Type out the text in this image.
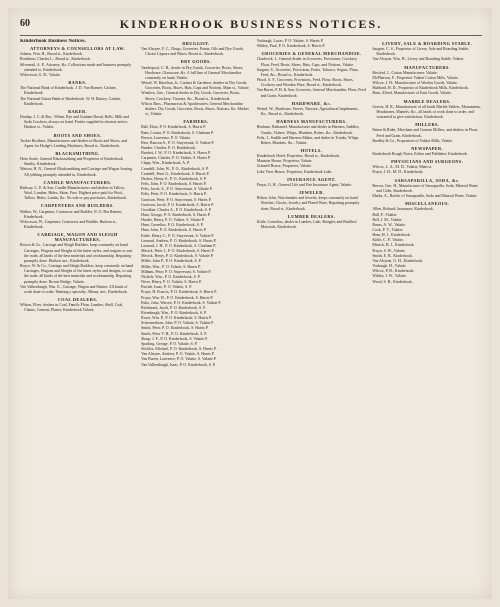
60	KINDERHOOK BUSINESS NOTICES.
Kinderhook Business Notices.
ATTORNEYS & COUNSELLORS AT LAW.
Adams, Wm. H., Broad st., Kinderhook.
Bradshaw, Charles L., Broad st., Kinderhook.
Silvernail, A. P., Attorney, &c. Collections made and business promptly attended to, Kinderhook.
Wilcoxson, G. B., Valatie.
BANKS.
The National Bank of Kinderhook. J. D. Van Bramer, Cashier, Kinderhook.
The National Union Bank of Kinderhook. W. H. Rainey, Cashier, Kinderhook.
BAKER.
Dunlap, J. C. & Bro., Wheat, Rye and Graham Bread, Rolls, Milk and Soda Crackers, always on hand. Parties supplied in shortest notice, Hudson st., Valatie.
BOOTS AND SHOES.
Tucker Brothers, Manufacturers and dealers in Boots and Shoes, and Agent for Hodge's Leading Machines, Broad st., Kinderhook.
BLACKSMITHING.
Hoes Soule, General Blacksmithing and Proprietor of Kinderhook Smithy, Kinderhook.
Watson, H. N., General Blacksmithing and Carriage and Wagon Ironing. All jobbing promptly attended to, Kinderhook.
CANDLE MANUFACTURERS.
Radway, C. E. & Son, Candle Manufacturers and dealers in Tallow, Wool, Lumber, Hides, Skins, Furs. Highest price paid for Wool, Tallow, Hides, Lambs, &c. No sale or pay purchases, Kinderhook.
CARPENTERS AND BUILDERS.
Walker, W., Carpenter, Contractor and Builder, N. O. Bar Reimer, Kinderhook.
Wilcoxson, W., Carpenter, Contractor and Builder, Hudson st., Kinderhook.
CARRIAGE, WAGON AND SLEIGH MANUFACTURERS.
Brown & Co., Carriage and Sleigh Builders, keep constantly on hand Carriages, Wagons and Sleighs of the latest styles, and wagons to suit the trade, all kinds of the best materials and workmanship. Repairing promptly done. Hudson ave., Kinderhook.
Boyce, W. & Co., Carriage and Sleigh Builders, keep constantly on hand Carriages, Wagons and Sleighs of the latest styles and designs, to suit the trade, all kinds of the best materials and workmanship. Repairing promptly done. Brown Bridge, Valatie.
Van Valkenburgh, Wm. E., Carriage, Wagon and Painter. All kinds of work done to order. Painting a specialty. Albany ave., Kinderhook.
COAL DEALERS.
Wilson, Elver, dealers in Coal, Family Flour, Lumber, Shell, Coal, Chains, Cement, Plaster, Kinderhook Valatie.
DRUGGIST.
Van Alstyne, F. C., Drugs, Groceries, Paints, Oils and Dye Goods, Choice Liquors and Wines, Broad st., Kinderhook.
DRY GOODS.
Vanderpool, C. H., dealer in Dry Goods, Groceries, Boots, Shoes, Hardware, Glassware, &c. A full line of General Merchandise constantly on hand, Valatie.
Wetsel, W. Hazelton, Jr., Carhart & Gardener, dealers in Dry Goods, Groceries, Boots, Shoes, Hats, Caps and Notions, Main st., Valatie.
Winslow, Geo., General dealer in Dry Goods, Groceries, Boots, Shoes, Crockery, Tinware, &c., Broad st., Kinderhook.
Wilcox Bros., Pharmacists & Apothecaries, General Merchandise dealers. Dry Goods, Groceries, Boots, Shoes, Notions, &c. Market st., Valatie.
FARMERS.
Ball, Eliza, P. O. Kinderhook, S. Harris P.
Bain, Louisa, P. O. Kinderhook, S. Chatham P.
Brown, Lawrence, P. O. Valatie.
Best, Ranson A., P. O. Stuyvesant, S. Valatie P.
Bunker, Charles, P. O. Kinderhook.
Burdett, J. W., P. O. Kinderhook, S. Harris P.
Carpenter, Charles, P. O. Valatie, S. Harris P.
Clapp, Wm., Kinderhook, A. P.
Crandell, John, W., P. O., Kinderhook, S. P.
Crandell, Peter G., Kinderhook, S. Harris P.
Decker, Henry S., P. O., Kinderhook, S. P.
Felts, John, P. O. Kinderhook, S. Harris P.
Felts, Jacob, S., P. O. Stuyvesant, S. Valatie P.
Felts, Peter, P. O. Kinderhook, S. Harris P.
Garrison, Peter, P. O. Stuyvesant, S. Harris P.
Garrison, Jacob, P. O. Kinderhook, S. Harris P.
Goodhue, Charles A., P. O. Kinderhook, S. P.
Ham, George, P. O. Kinderhook, S. Harris P.
Harder, Henry, P. O. Valatie, S. Valatie P.
Ham, Cornelius, P. O. Kinderhook, S. P.
Ham, John, P. O. Kinderhook, S. Harris P.
Kittle, Henry C., P. O. Stuyvesant, S. Valatie P.
Leonard, Andrew, P. O. Kinderhook, S. Harris P.
Leonard, J. H., P. O. Kinderhook, S. Chatham P.
Mesick, Peter J., P. O. Kinderhook, S. Harris P.
Mesick, Henry, P. O. Kinderhook, S. Valatie P.
Miller, John P., P. O. Kinderhook, S. P.
Miller, Wm., P. O. Valatie, S. Harris P.
Milham, Peter, P. O. Stuyvesant, S. Valatie P.
Nichols, Wm., P. O. Kinderhook, S. P.
Niver, Henry, P. O. Valatie, S. Harris P.
Parrish, Isaac, P. O. Valatie, S. P.
Pruyn, H. Francis, P. O. Kinderhook, S. Harris P.
Pruyn, Wm. H., P. O. Kinderhook, S. Harris P.
Pultz, John, Warren, P. O. Kinderhook, S. Valatie P.
Richmond, Jacob, P. O. Kinderhook, S. P.
Rivenburgh, Wm., P. O. Kinderhook, S. P.
Rowe, Wm. P., P. O. Kinderhook, S. Harris P.
Schermerhorn, John, P. O. Valatie, S. Valatie P.
Smith, Peter, P. O. Kinderhook, S. Harris P.
Smith, Peter V. H., P. O. Kinderhook, S. P.
Sharp, J. F., P. O. Kinderhook, S. Valatie P.
Sparling, George, P. O. Valatie, S. P.
Stickles, Michael, P. O. Kinderhook, S. Harris P.
Van Alstyne, Andrew, P. O. Valatie, S. Harris P.
Van Buren, Lawrence, P. O. Valatie, S. Valatie P.
Van Valkenburgh, Isaac, P. O. Kinderhook, S. P.
Vosburgh, Lucas, P. O. Valatie, S. Harris P.
Wildey, Paul, P. O. Kinderhook, S. Harris P.
GROCERIES & GENERAL MERCHANDISE.
Chadwick, J., General dealer in Groceries, Provisions, Crockery, Flour, Feed, Boots, Shoes, Hats, Caps, and Notions, Valatie.
Sargent, S., Groceries, Provisions, Fruits, Tobacco, Segars, Flour, Feed, &c., Broad st., Kinderhook.
Wood, A. F., Groceries, Provisions, Feed, Flour, Boots, Shoes, Crockery and Wooden Ware, Broad st., Kinderhook.
Van Buren, P. H. & Son, Groceries, General Merchandise, Flour, Feed and Grain, Kinderhook.
HARDWARE, &c.
Wetsel, W., Hardware, Stoves, Tinware, Agricultural Implements, &c., Broad st., Kinderhook.
HARNESS MANUFACTURERS.
Benham, Nathaniel, Manufacturer and dealer in Harness, Saddles, Trunks, Valises, Whips, Blankets, Robes, &c., Kinderhook.
Felts, J., Saddle and Harness Maker, and dealer in Trunks, Whips, Robes, Blankets, &c., Valatie.
HOTELS.
Kinderhook Hotel, Proprietor, Broad st., Kinderhook.
Mansion House, Proprietor, Valatie.
Grinnell House, Proprietor, Valatie.
Lake View House, Proprietor, Kinderhook Lake.
INSURANCE AGENT.
Pruyn, G. H., General Life and Fire Insurance Agent, Valatie.
JEWELER.
Hilton, John, Watchmaker and Jeweler, keeps constantly on hand Watches, Clocks, Jewelry and Plated Ware, Repairing promptly done, Broad st., Kinderhook.
LUMBER DEALERS.
Kittle, Cornelius, dealer in Lumber, Lath, Shingles and Builders' Materials, Kinderhook.
LIVERY, SALE & BOARDING STABLE.
Sargent, C. S., Proprietor of Livery, Sale and Boarding Stable, Kinderhook.
Van Alstyne, Wm. H., Livery and Boarding Stable, Valatie.
MANUFACTURERS.
Hosford, J., Cotton Manufacturer, Valatie.
McPherson, F., Proprietor Valatie Cotton Mills, Valatie.
Wilcox, J. H., Manufacturer of Woolen Goods, Valatie.
Hubbard, H. D., Proprietor of Kinderhook Mills, Kinderhook.
Ham, Alfred, Manufacturer of Knit Goods, Valatie.
MARBLE DEALERS.
Graves, H. R., Manufacturer of all kinds Marble Tablets, Monuments, Headstones, Mantels, &c., all kinds of work done to order, and warranted to give satisfaction, Kinderhook.
MILLERS.
Patten & Rider, Merchant and Custom Millers, and dealers in Flour, Feed and Grain, Kinderhook.
Bradley & Co., Proprietors of Valatie Mills, Valatie.
NEWSPAPER.
Kinderhook Rough Notes, Editor and Publisher, Kinderhook.
PHYSICIANS AND SURGEONS.
Wilcox, L. A., M. D., Valatie, Main st.
Pruyn, J. H., M. D., Kinderhook.
SARSAPARILLA, SODA, &c.
Brown, Geo. H., Manufacturer of Sarsaparilla, Soda, Mineral Water and Cider, Kinderhook.
Marks, A., Bottler of Sarsaparilla, Soda and Mineral Water, Valatie.
MISCELLANEOUS.
Allen, Richard, Insurance, Kinderhook.
Ball, F., Valatie.
Bell, J. M., Valatie.
Burns, A. W., Valatie.
Cook, P. V., Valatie.
Ham, H. J., Kinderhook.
Kittle, C. P., Valatie.
Mesick, H. J., Kinderhook.
Pruyn, S. W., Valatie.
Smith, E. B., Kinderhook.
Van Alstyne, G. H., Kinderhook.
Vosburgh, H., Valatie.
Wilcox, P. B., Kinderhook.
Wildey, J. W., Valatie.
Wood, S. B., Kinderhook.
